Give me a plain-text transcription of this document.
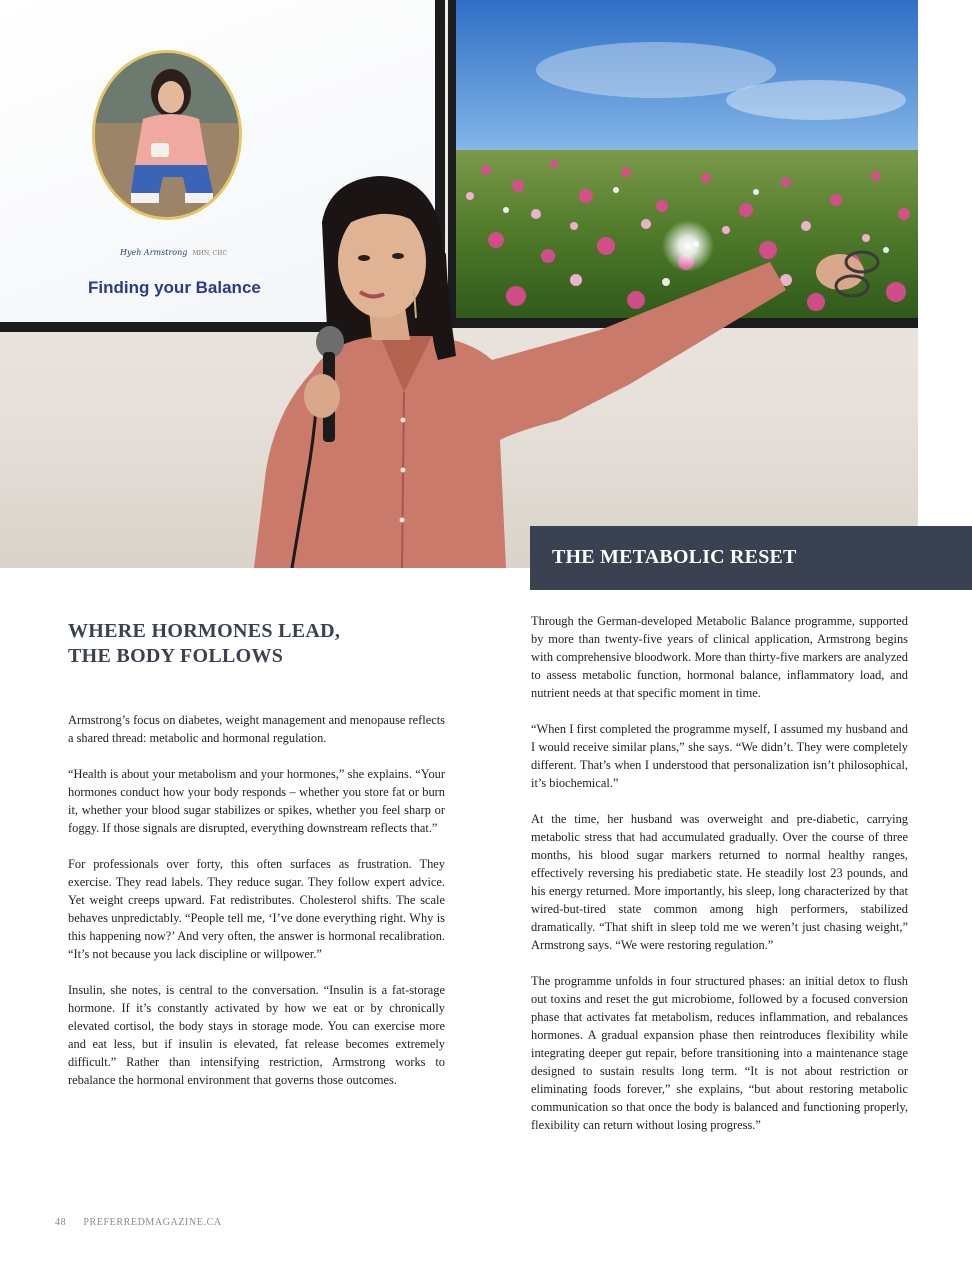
Hyeh Armstrong MHN, CHC
Finding your Balance
THE METABOLIC RESET
WHERE HORMONES LEAD,
THE BODY FOLLOWS

Armstrong’s focus on diabetes, weight management and menopause reflects a shared thread: metabolic and hormonal regulation.

“Health is about your metabolism and your hormones,” she explains. “Your hormones conduct how your body responds – whether you store fat or burn it, whether your blood sugar stabilizes or spikes, whether you feel sharp or foggy. If those signals are disrupted, everything downstream reflects that.”

For professionals over forty, this often surfaces as frustration. They exercise. They read labels. They reduce sugar. They follow expert advice. Yet weight creeps upward. Fat redistributes. Cholesterol shifts. The scale behaves unpredictably. “People tell me, ‘I’ve done everything right. Why is this happening now?’ And very often, the answer is hormonal recalibration. “It’s not because you lack discipline or willpower.”

Insulin, she notes, is central to the conversation. “Insulin is a fat-storage hormone. If it’s constantly activated by how we eat or by chronically elevated cortisol, the body stays in storage mode. You can exercise more and eat less, but if insulin is elevated, fat release becomes extremely difficult.” Rather than intensifying restriction, Armstrong works to rebalance the hormonal environment that governs those outcomes.

Through the German-developed Metabolic Balance programme, supported by more than twenty-five years of clinical application, Armstrong begins with comprehensive bloodwork. More than thirty-five markers are analyzed to assess metabolic function, hormonal balance, inflammatory load, and nutrient needs at that specific moment in time.

“When I first completed the programme myself, I assumed my husband and I would receive similar plans,” she says. “We didn’t. They were completely different. That’s when I understood that personalization isn’t philosophical, it’s biochemical.”

At the time, her husband was overweight and pre-diabetic, carrying metabolic stress that had accumulated gradually. Over the course of three months, his blood sugar markers returned to normal healthy ranges, effectively reversing his prediabetic state. He steadily lost 23 pounds, and his energy returned. More importantly, his sleep, long characterized by that wired-but-tired state common among high performers, stabilized dramatically. “That shift in sleep told me we weren’t just chasing weight,” Armstrong says. “We were restoring regulation.”

The programme unfolds in four structured phases: an initial detox to flush out toxins and reset the gut microbiome, followed by a focused conversion phase that activates fat metabolism, reduces inflammation, and rebalances hormones. A gradual expansion phase then reintroduces flexibility while integrating deeper gut repair, before transitioning into a maintenance stage designed to sustain results long term. “It is not about restriction or eliminating foods forever,” she explains, “but about restoring metabolic communication so that once the body is balanced and functioning properly, flexibility can return without losing progress.”

48 PREFERREDMAGAZINE.CA
